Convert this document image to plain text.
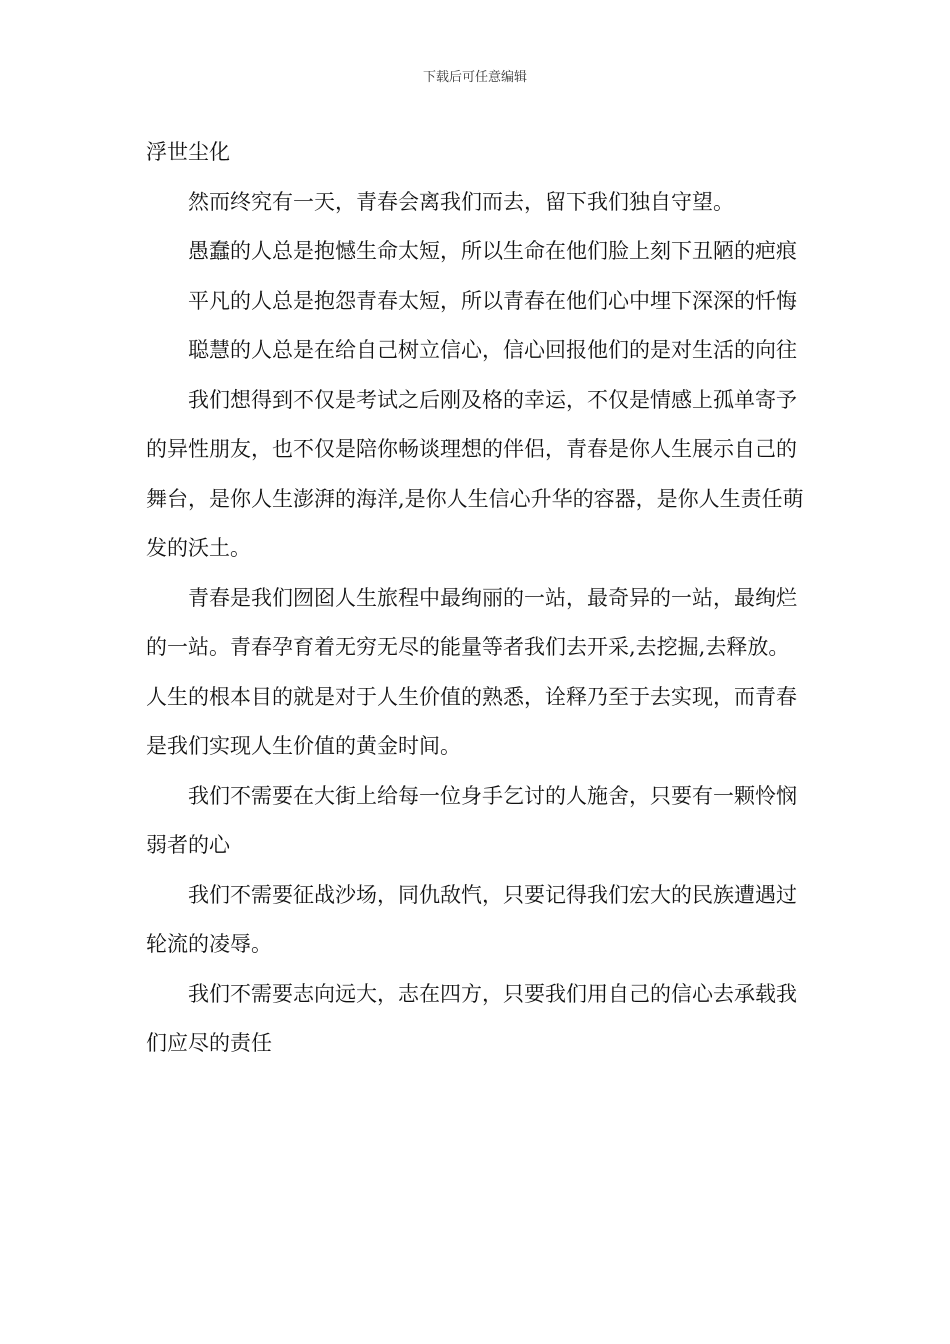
下载后可任意编辑

浮世尘化

然而终究有一天，青春会离我们而去，留下我们独自守望。

愚蠢的人总是抱憾生命太短，所以生命在他们脸上刻下丑陋的疤痕

平凡的人总是抱怨青春太短，所以青春在他们心中埋下深深的忏悔

聪慧的人总是在给自己树立信心，信心回报他们的是对生活的向往

我们想得到不仅是考试之后刚及格的幸运，不仅是情感上孤单寄予的异性朋友，也不仅是陪你畅谈理想的伴侣，青春是你人生展示自己的舞台，是你人生澎湃的海洋,是你人生信心升华的容器，是你人生责任萌发的沃土。

青春是我们囫囵人生旅程中最绚丽的一站，最奇异的一站，最绚烂的一站。青春孕育着无穷无尽的能量等者我们去开采,去挖掘,去释放。人生的根本目的就是对于人生价值的熟悉，诠释乃至于去实现，而青春是我们实现人生价值的黄金时间。

我们不需要在大街上给每一位身手乞讨的人施舍，只要有一颗怜悯弱者的心

我们不需要征战沙场，同仇敌忾，只要记得我们宏大的民族遭遇过轮流的凌辱。

我们不需要志向远大，志在四方，只要我们用自己的信心去承载我们应尽的责任
